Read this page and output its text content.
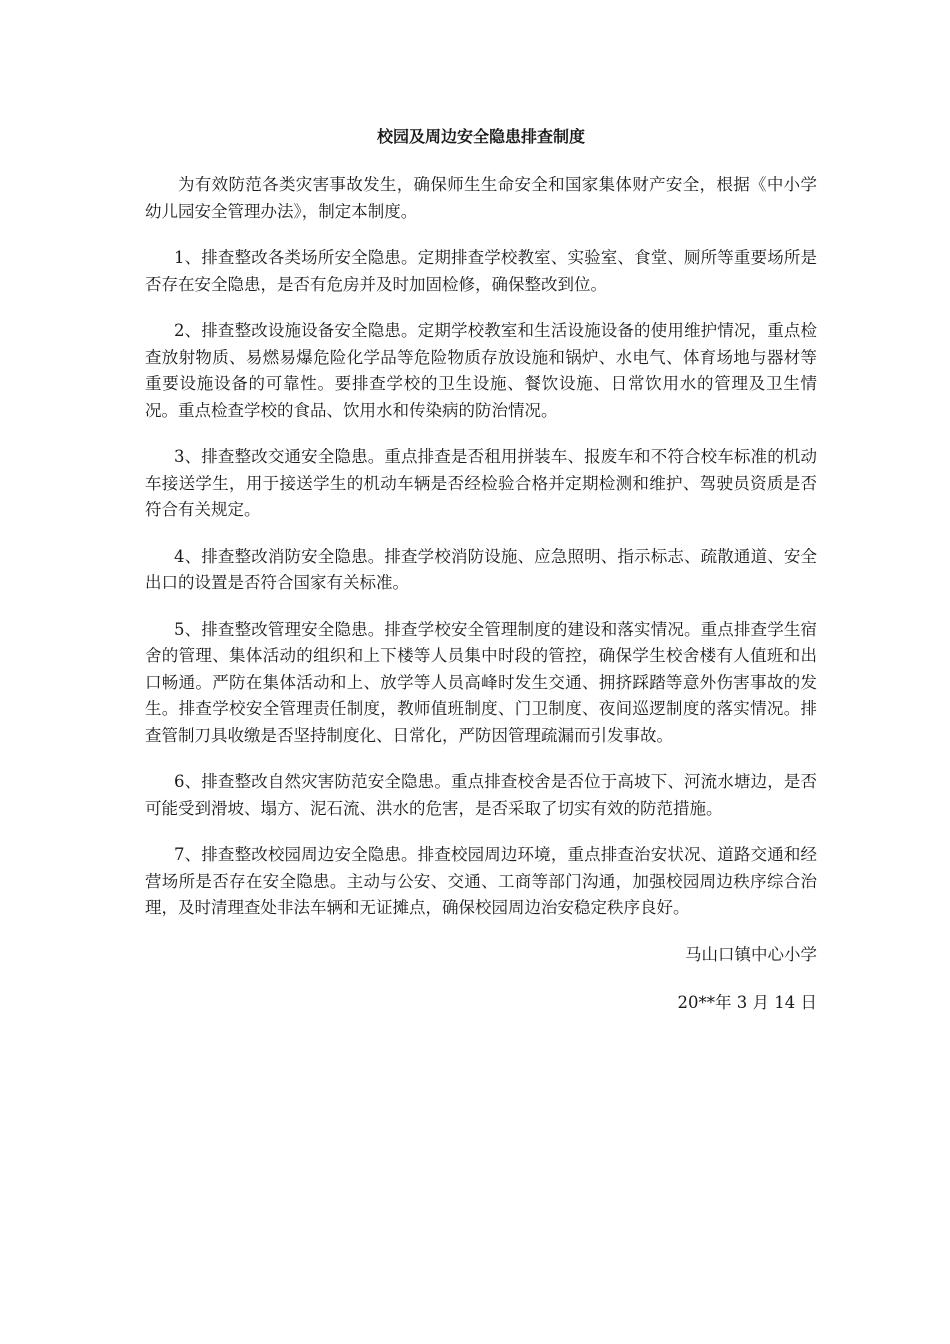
校园及周边安全隐患排查制度

为有效防范各类灾害事故发生，确保师生生命安全和国家集体财产安全，根据《中小学幼儿园安全管理办法》，制定本制度。

1、排查整改各类场所安全隐患。定期排查学校教室、实验室、食堂、厕所等重要场所是否存在安全隐患，是否有危房并及时加固检修，确保整改到位。

2、排查整改设施设备安全隐患。定期学校教室和生活设施设备的使用维护情况，重点检查放射物质、易燃易爆危险化学品等危险物质存放设施和锅炉、水电气、体育场地与器材等重要设施设备的可靠性。要排查学校的卫生设施、餐饮设施、日常饮用水的管理及卫生情况。重点检查学校的食品、饮用水和传染病的防治情况。

3、排查整改交通安全隐患。重点排查是否租用拼装车、报废车和不符合校车标准的机动车接送学生，用于接送学生的机动车辆是否经检验合格并定期检测和维护、驾驶员资质是否符合有关规定。

4、排查整改消防安全隐患。排查学校消防设施、应急照明、指示标志、疏散通道、安全出口的设置是否符合国家有关标准。

5、排查整改管理安全隐患。排查学校安全管理制度的建设和落实情况。重点排查学生宿舍的管理、集体活动的组织和上下楼等人员集中时段的管控，确保学生校舍楼有人值班和出口畅通。严防在集体活动和上、放学等人员高峰时发生交通、拥挤踩踏等意外伤害事故的发生。排查学校安全管理责任制度，教师值班制度、门卫制度、夜间巡逻制度的落实情况。排查管制刀具收缴是否坚持制度化、日常化，严防因管理疏漏而引发事故。

6、排查整改自然灾害防范安全隐患。重点排查校舍是否位于高坡下、河流水塘边，是否可能受到滑坡、塌方、泥石流、洪水的危害，是否采取了切实有效的防范措施。

7、排查整改校园周边安全隐患。排查校园周边环境，重点排查治安状况、道路交通和经营场所是否存在安全隐患。主动与公安、交通、工商等部门沟通，加强校园周边秩序综合治理，及时清理查处非法车辆和无证摊点，确保校园周边治安稳定秩序良好。

马山口镇中心小学
20**年 3 月 14 日
